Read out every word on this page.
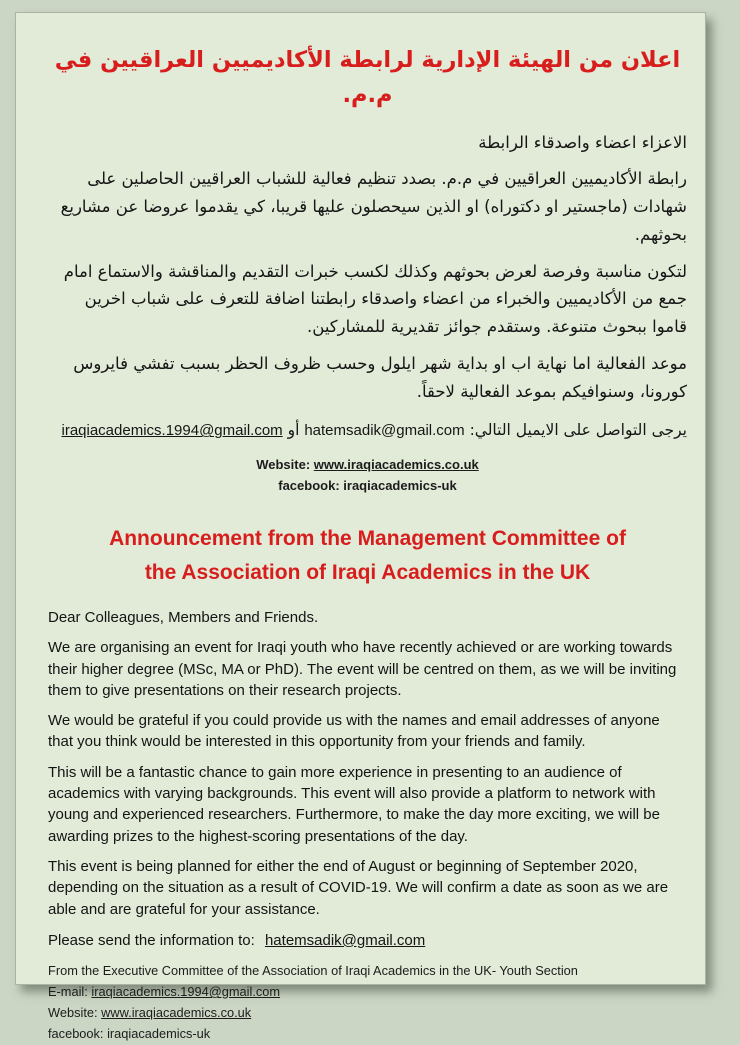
اعلان من الهيئة الإدارية لرابطة الأكاديميين العراقيين في م.م.

الاعزاء اعضاء واصدقاء الرابطة

رابطة الأكاديميين العراقيين في م.م. بصدد تنظيم فعالية للشباب العراقيين الحاصلين على شهادات (ماجستير او دكتوراه) او الذين سيحصلون عليها قريبا، كي يقدموا عروضا عن مشاريع بحوثهم.

لتكون مناسبة وفرصة لعرض بحوثهم وكذلك لكسب خبرات التقديم والمناقشة والاستماع امام جمع من الأكاديميين والخبراء من اعضاء واصدقاء رابطتنا اضافة للتعرف على شباب اخرين قاموا ببحوث متنوعة. وستقدم جوائز تقديرية للمشاركين.

موعد الفعالية اما نهاية اب او بداية شهر ايلول وحسب ظروف الحظر بسبب تفشي فايروس كورونا، وسنوافيكم بموعد الفعالية لاحقاً.

يرجى التواصل على الايميل التالي: hatemsadik@gmail.com أو iraqiacademics.1994@gmail.com

Website: www.iraqiacademics.co.uk
facebook: iraqiacademics-uk
Announcement from the Management Committee of
the Association of Iraqi Academics in the UK

Dear Colleagues, Members and Friends.

We are organising an event for Iraqi youth who have recently achieved or are working towards their higher degree (MSc, MA or PhD). The event will be centred on them, as we will be inviting them to give presentations on their research projects.

We would be grateful if you could provide us with the names and email addresses of anyone that you think would be interested in this opportunity from your friends and family.

This will be a fantastic chance to gain more experience in presenting to an audience of academics with varying backgrounds. This event will also provide a platform to network with young and experienced researchers. Furthermore, to make the day more exciting, we will be awarding prizes to the highest-scoring presentations of the day.

This event is being planned for either the end of August or beginning of September 2020, depending on the situation as a result of COVID-19. We will confirm a date as soon as we are able and are grateful for your assistance.

Please send the information to: hatemsadik@gmail.com

From the Executive Committee of the Association of Iraqi Academics in the UK- Youth Section
E-mail: iraqiacademics.1994@gmail.com
Website: www.iraqiacademics.co.uk
facebook: iraqiacademics-uk
